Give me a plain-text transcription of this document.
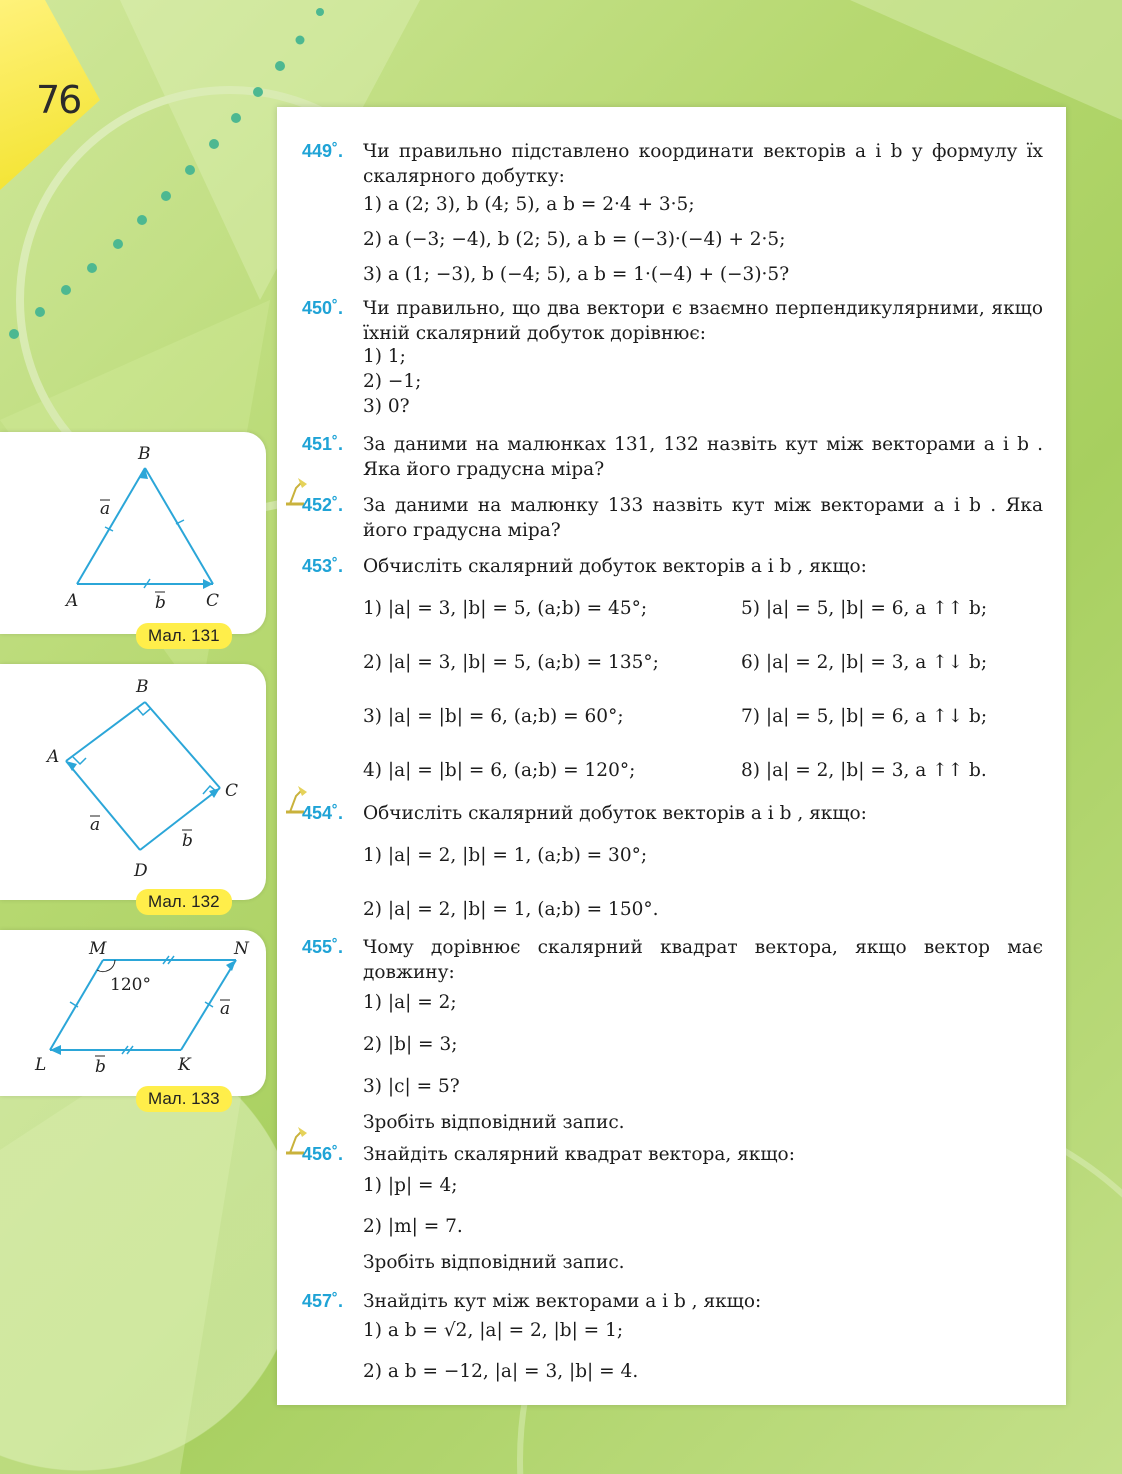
76
B
A	C
a
b
Мал. 131
B
A
C
D
a
b
Мал. 132
M	N
L	K
a
b
120°
Мал. 133
449˚.	Чи правильно підставлено координати векторів a і b у формулу їх скалярного добутку:
1) a (2; 3), b (4; 5), a b = 2·4 + 3·5;
2) a (−3; −4), b (2; 5), a b = (−3)·(−4) + 2·5;
3) a (1; −3), b (−4; 5), a b = 1·(−4) + (−3)·5?
450˚.	Чи правильно, що два вектори є взаємно перпендикулярними, якщо їхній скалярний добуток дорівнює:
1) 1;
2) −1;
3) 0?
451˚.	За даними на малюнках 131, 132 назвіть кут між векторами a і b . Яка його градусна міра?
452˚.	За даними на малюнку 133 назвіть кут між векторами a і b . Яка його градусна міра?
453˚.	Обчисліть скалярний добуток векторів a і b , якщо:
1) |a| = 3, |b| = 5, (a;b) = 45°;
2) |a| = 3, |b| = 5, (a;b) = 135°;
3) |a| = |b| = 6, (a;b) = 60°;
4) |a| = |b| = 6, (a;b) = 120°;
5) |a| = 5, |b| = 6, a ↑↑ b;
6) |a| = 2, |b| = 3, a ↑↓ b;
7) |a| = 5, |b| = 6, a ↑↓ b;
8) |a| = 2, |b| = 3, a ↑↑ b.
454˚.	Обчисліть скалярний добуток векторів a і b , якщо:
1) |a| = 2, |b| = 1, (a;b) = 30°;
2) |a| = 2, |b| = 1, (a;b) = 150°.
455˚.	Чому дорівнює скалярний квадрат вектора, якщо вектор має довжину:
1) |a| = 2;
2) |b| = 3;
3) |c| = 5?
Зробіть відповідний запис.
456˚.	Знайдіть скалярний квадрат вектора, якщо:
1) |p| = 4;
2) |m| = 7.
Зробіть відповідний запис.
457˚.	Знайдіть кут між векторами a і b , якщо:
1) a b = √2, |a| = 2, |b| = 1;
2) a b = −12, |a| = 3, |b| = 4.
